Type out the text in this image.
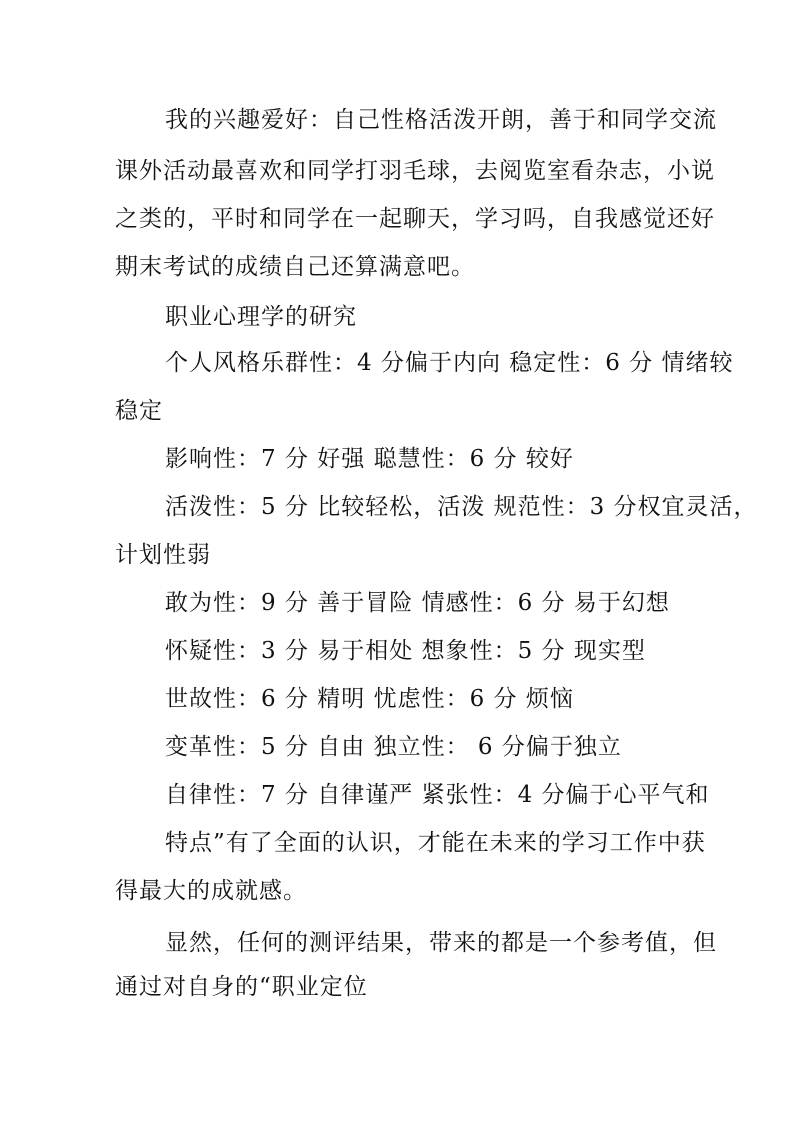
我的兴趣爱好：自己性格活泼开朗，善于和同学交流
课外活动最喜欢和同学打羽毛球，去阅览室看杂志，小说
之类的，平时和同学在一起聊天，学习吗，自我感觉还好
期末考试的成绩自己还算满意吧。
职业心理学的研究
个人风格乐群性：4 分偏于内向 稳定性：6 分 情绪较
稳定
影响性：7 分 好强 聪慧性：6 分 较好
活泼性：5 分 比较轻松，活泼 规范性：3 分权宜灵活，
计划性弱
敢为性：9 分 善于冒险 情感性：6 分 易于幻想
怀疑性：3 分 易于相处 想象性：5 分 现实型
世故性：6 分 精明 忧虑性：6 分 烦恼
变革性：5 分 自由 独立性： 6 分偏于独立
自律性：7 分 自律谨严 紧张性：4 分偏于心平气和
特点”有了全面的认识，才能在未来的学习工作中获
得最大的成就感。
显然，任何的测评结果，带来的都是一个参考值，但
通过对自身的“职业定位
